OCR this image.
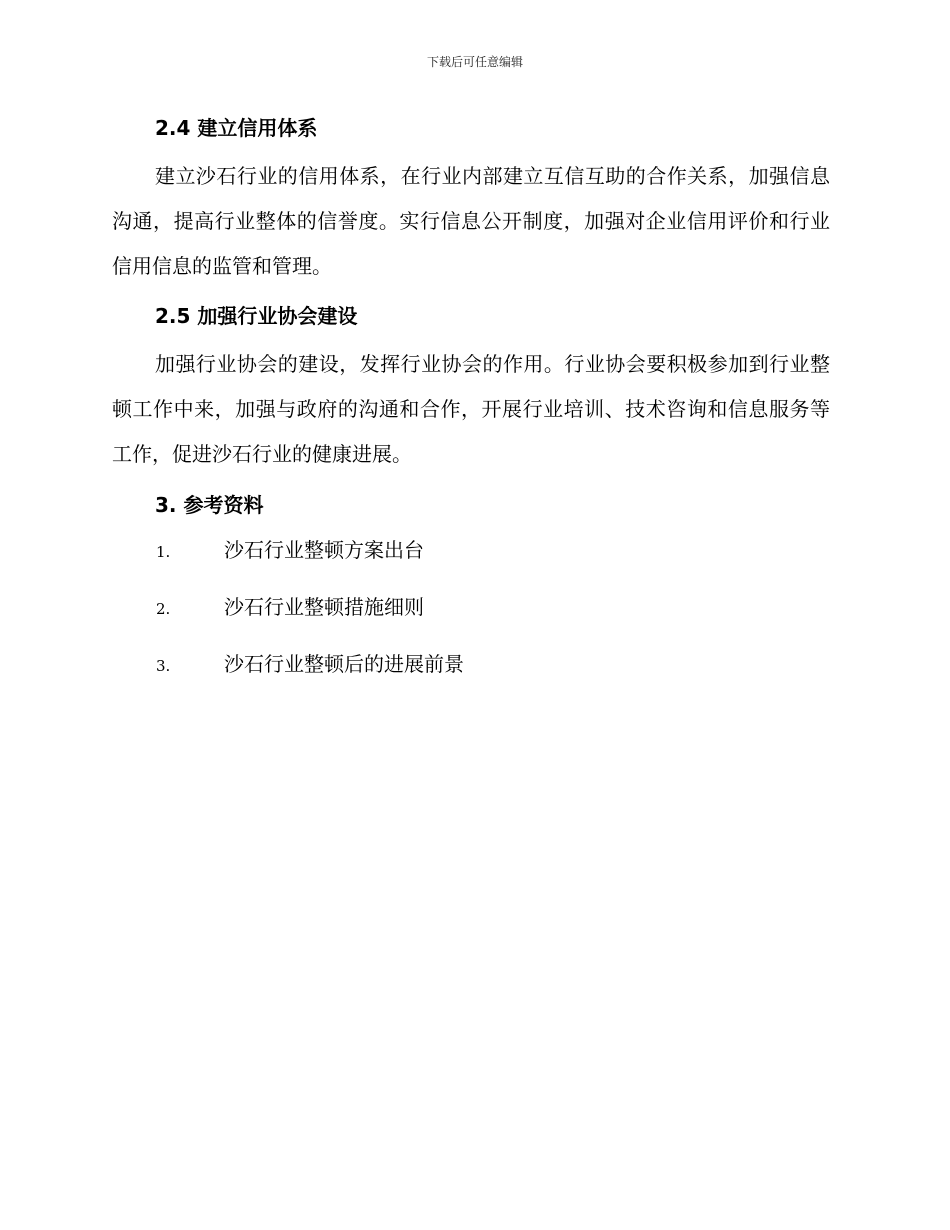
下载后可任意编辑
2.4 建立信用体系

建立沙石行业的信用体系，在行业内部建立互信互助的合作关系，加强信息沟通，提高行业整体的信誉度。实行信息公开制度，加强对企业信用评价和行业信用信息的监管和管理。

2.5 加强行业协会建设

加强行业协会的建设，发挥行业协会的作用。行业协会要积极参加到行业整顿工作中来，加强与政府的沟通和合作，开展行业培训、技术咨询和信息服务等工作，促进沙石行业的健康进展。

3. 参考资料
1.	沙石行业整顿方案出台
2.	沙石行业整顿措施细则
3.	沙石行业整顿后的进展前景
